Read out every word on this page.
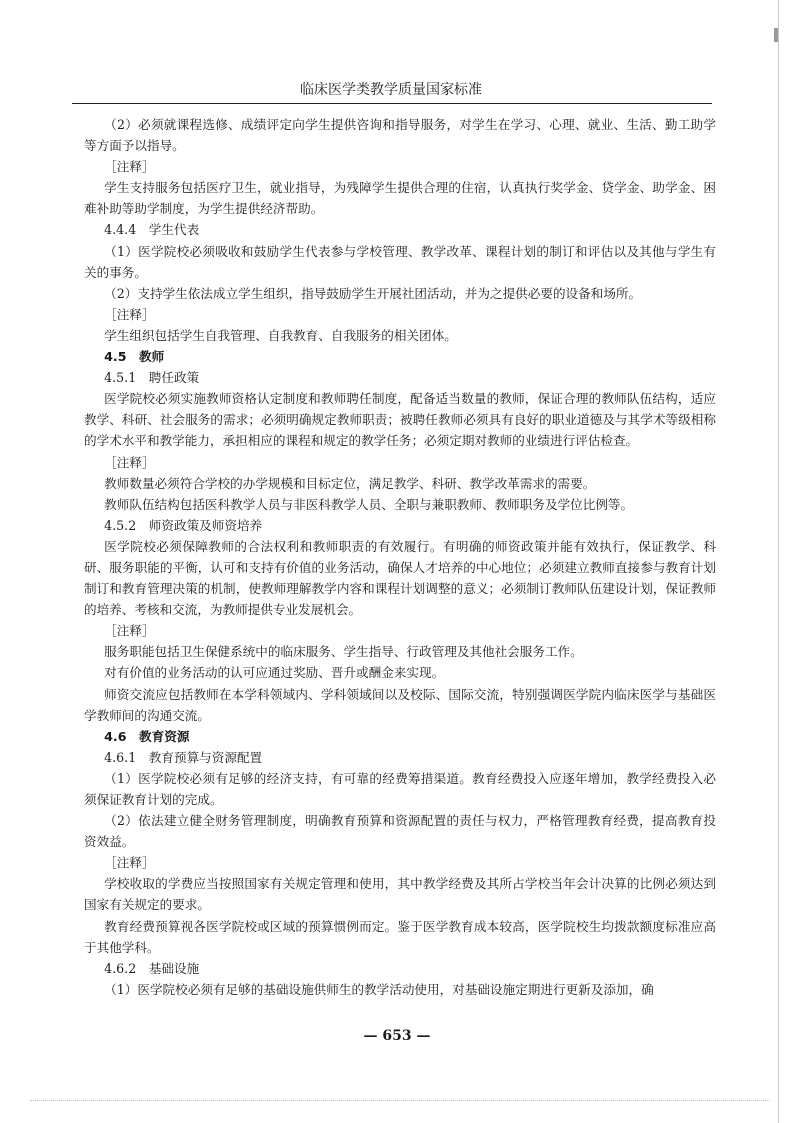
临床医学类教学质量国家标准

（2）必须就课程选修、成绩评定向学生提供咨询和指导服务，对学生在学习、心理、就业、生活、勤工助学等方面予以指导。

［注释］

学生支持服务包括医疗卫生，就业指导，为残障学生提供合理的住宿，认真执行奖学金、贷学金、助学金、困难补助等助学制度，为学生提供经济帮助。

4.4.4　学生代表

（1）医学院校必须吸收和鼓励学生代表参与学校管理、教学改革、课程计划的制订和评估以及其他与学生有关的事务。

（2）支持学生依法成立学生组织，指导鼓励学生开展社团活动，并为之提供必要的设备和场所。

［注释］

学生组织包括学生自我管理、自我教育、自我服务的相关团体。

4.5　教师

4.5.1　聘任政策

医学院校必须实施教师资格认定制度和教师聘任制度，配备适当数量的教师，保证合理的教师队伍结构，适应教学、科研、社会服务的需求；必须明确规定教师职责；被聘任教师必须具有良好的职业道德及与其学术等级相称的学术水平和教学能力，承担相应的课程和规定的教学任务；必须定期对教师的业绩进行评估检查。

［注释］

教师数量必须符合学校的办学规模和目标定位，满足教学、科研、教学改革需求的需要。

教师队伍结构包括医科教学人员与非医科教学人员、全职与兼职教师、教师职务及学位比例等。

4.5.2　师资政策及师资培养

医学院校必须保障教师的合法权利和教师职责的有效履行。有明确的师资政策并能有效执行，保证教学、科研、服务职能的平衡，认可和支持有价值的业务活动，确保人才培养的中心地位；必须建立教师直接参与教育计划制订和教育管理决策的机制，使教师理解教学内容和课程计划调整的意义；必须制订教师队伍建设计划，保证教师的培养、考核和交流，为教师提供专业发展机会。

［注释］

服务职能包括卫生保健系统中的临床服务、学生指导、行政管理及其他社会服务工作。

对有价值的业务活动的认可应通过奖励、晋升或酬金来实现。

师资交流应包括教师在本学科领域内、学科领域间以及校际、国际交流，特别强调医学院内临床医学与基础医学教师间的沟通交流。

4.6　教育资源

4.6.1　教育预算与资源配置

（1）医学院校必须有足够的经济支持，有可靠的经费筹措渠道。教育经费投入应逐年增加，教学经费投入必须保证教育计划的完成。

（2）依法建立健全财务管理制度，明确教育预算和资源配置的责任与权力，严格管理教育经费，提高教育投资效益。

［注释］

学校收取的学费应当按照国家有关规定管理和使用，其中教学经费及其所占学校当年会计决算的比例必须达到国家有关规定的要求。

教育经费预算视各医学院校或区域的预算惯例而定。鉴于医学教育成本较高，医学院校生均拨款额度标准应高于其他学科。

4.6.2　基础设施

（1）医学院校必须有足够的基础设施供师生的教学活动使用，对基础设施定期进行更新及添加，确

— 653 —
